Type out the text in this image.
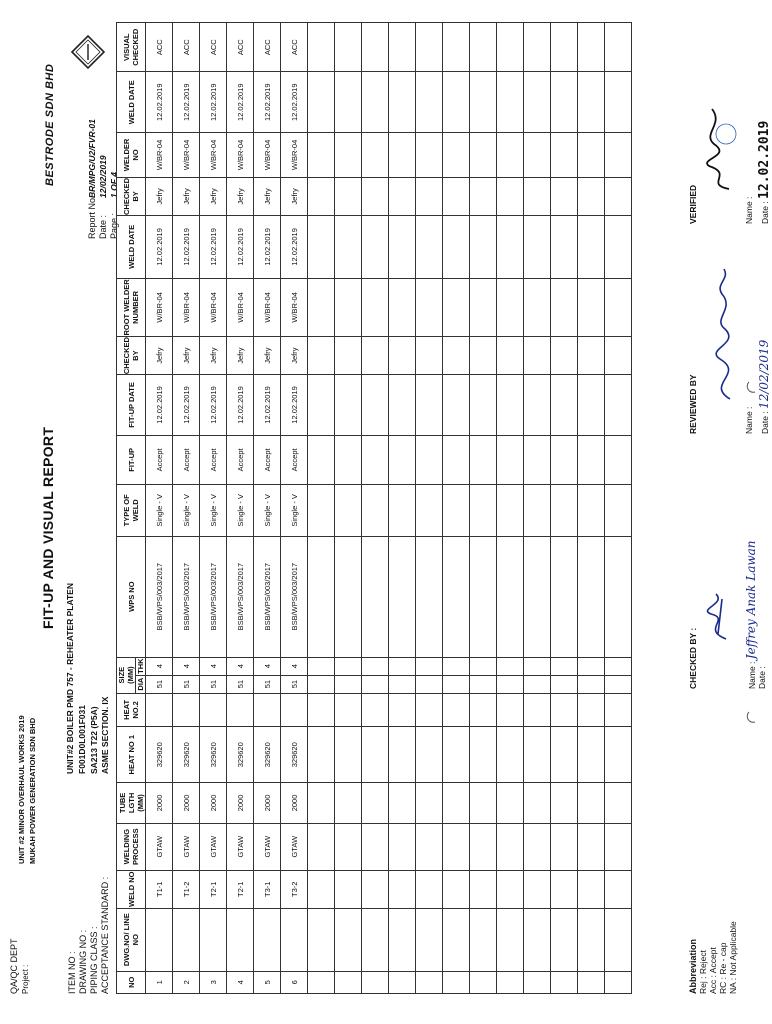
QA/QC DEPT Project :
UNIT #2 MINOR OVERHAUL WORKS 2019 MUKAH POWER GENERATION SDN BHD
FIT-UP AND VISUAL REPORT
BESTRODE SDN BHD
ITEM NO :
UNIT#2 BOILER PMD 757 - REHEATER PLATEN
DRAWING NO :
F001D0L001F031
PIPING CLASS :
SA213 T22 (P5A)
ACCEPTANCE STANDARD :
ASME SECTION. IX
Report No.
BR/MPG/U2/FVR-01
Date :
12/02/2019
Page :
1 OF 4
NO	DWG.NO/ LINE NO	WELD NO	WELDING PROCESS	TUBE LGTH (MM)	HEAT NO 1	HEAT NO.2	SIZE (MM)		WPS NO	TYPE OF WELD	FIT-UP	FIT-UP DATE	CHECKED BY	ROOT WELDER NUMBER	WELD DATE	CHECKED BY	WELDER NO	WELD DATE	VISUAL CHECKED
							DIA	THK											
1		T1-1	GTAW	2000	329620		51	4	BSB/WPS/003/2017	Single - V	Accept	12.02.2019	Jefry	W/BR-04	12.02.2019	Jefry	W/BR-04	12.02.2019	ACC
2		T1-2	GTAW	2000	329620		51	4	BSB/WPS/003/2017	Single - V	Accept	12.02.2019	Jefry	W/BR-04	12.02.2019	Jefry	W/BR-04	12.02.2019	ACC
3		T2-1	GTAW	2000	329620		51	4	BSB/WPS/003/2017	Single - V	Accept	12.02.2019	Jefry	W/BR-04	12.02.2019	Jefry	W/BR-04	12.02.2019	ACC
4		T2-1	GTAW	2000	329620		51	4	BSB/WPS/003/2017	Single - V	Accept	12.02.2019	Jefry	W/BR-04	12.02.2019	Jefry	W/BR-04	12.02.2019	ACC
5		T3-1	GTAW	2000	329620		51	4	BSB/WPS/003/2017	Single - V	Accept	12.02.2019	Jefry	W/BR-04	12.02.2019	Jefry	W/BR-04	12.02.2019	ACC
6		T3-2	GTAW	2000	329620		51	4	BSB/WPS/003/2017	Single - V	Accept	12.02.2019	Jefry	W/BR-04	12.02.2019	Jefry	W/BR-04	12.02.2019	ACC

Abbreviation Rej : Reject Acc : Accept RC : Re - cap NA : Not Applicable
CHECKED BY :	Name : Jeffrey Anak Lawan
Date :
REVIEWED BY	Name : Date : 12/02/2019
VERIFIED	Name : Date : 12.02.2019
